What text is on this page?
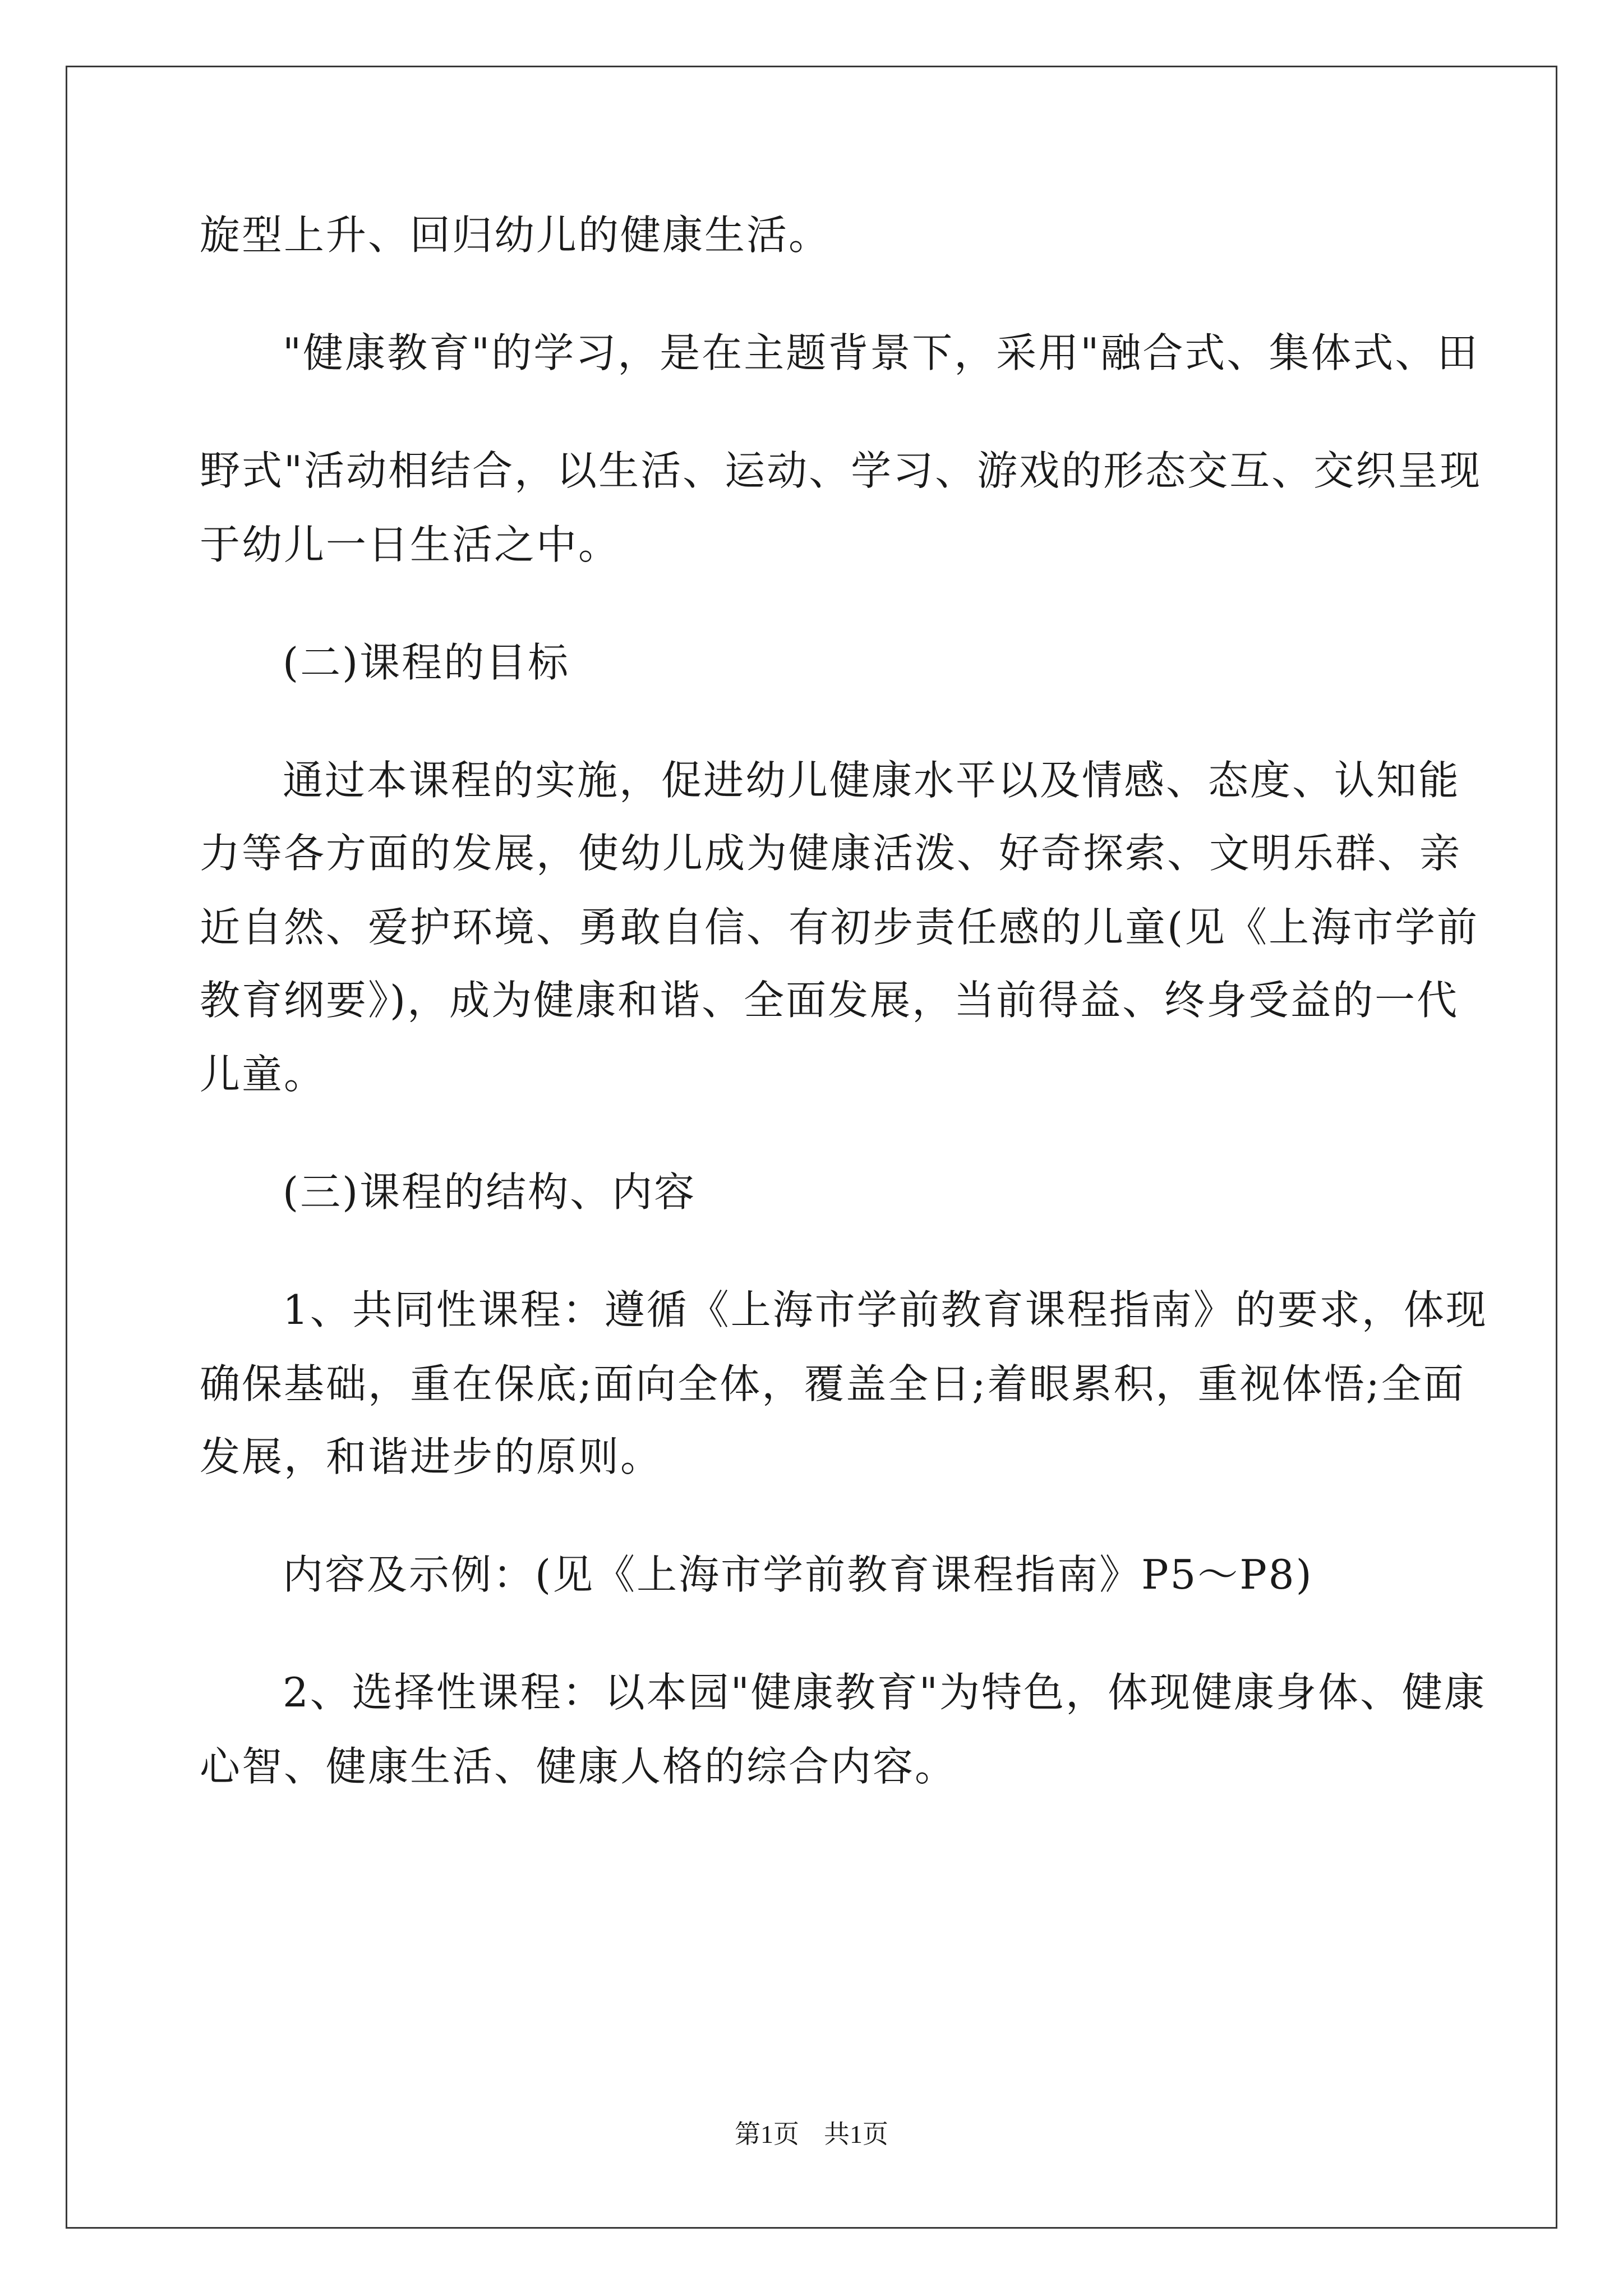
旋型上升、回归幼儿的健康生活。

"健康教育"的学习，是在主题背景下，采用"融合式、集体式、田

野式"活动相结合，以生活、运动、学习、游戏的形态交互、交织呈现

于幼儿一日生活之中。

(二)课程的目标

通过本课程的实施，促进幼儿健康水平以及情感、态度、认知能

力等各方面的发展，使幼儿成为健康活泼、好奇探索、文明乐群、亲

近自然、爱护环境、勇敢自信、有初步责任感的儿童(见《上海市学前

教育纲要》)，成为健康和谐、全面发展，当前得益、终身受益的一代

儿童。

(三)课程的结构、内容

1、共同性课程：遵循《上海市学前教育课程指南》的要求，体现

确保基础，重在保底;面向全体，覆盖全日;着眼累积，重视体悟;全面

发展，和谐进步的原则。

内容及示例：(见《上海市学前教育课程指南》P5～P8)

2、选择性课程：以本园"健康教育"为特色，体现健康身体、健康

心智、健康生活、健康人格的综合内容。

第1页 共1页
